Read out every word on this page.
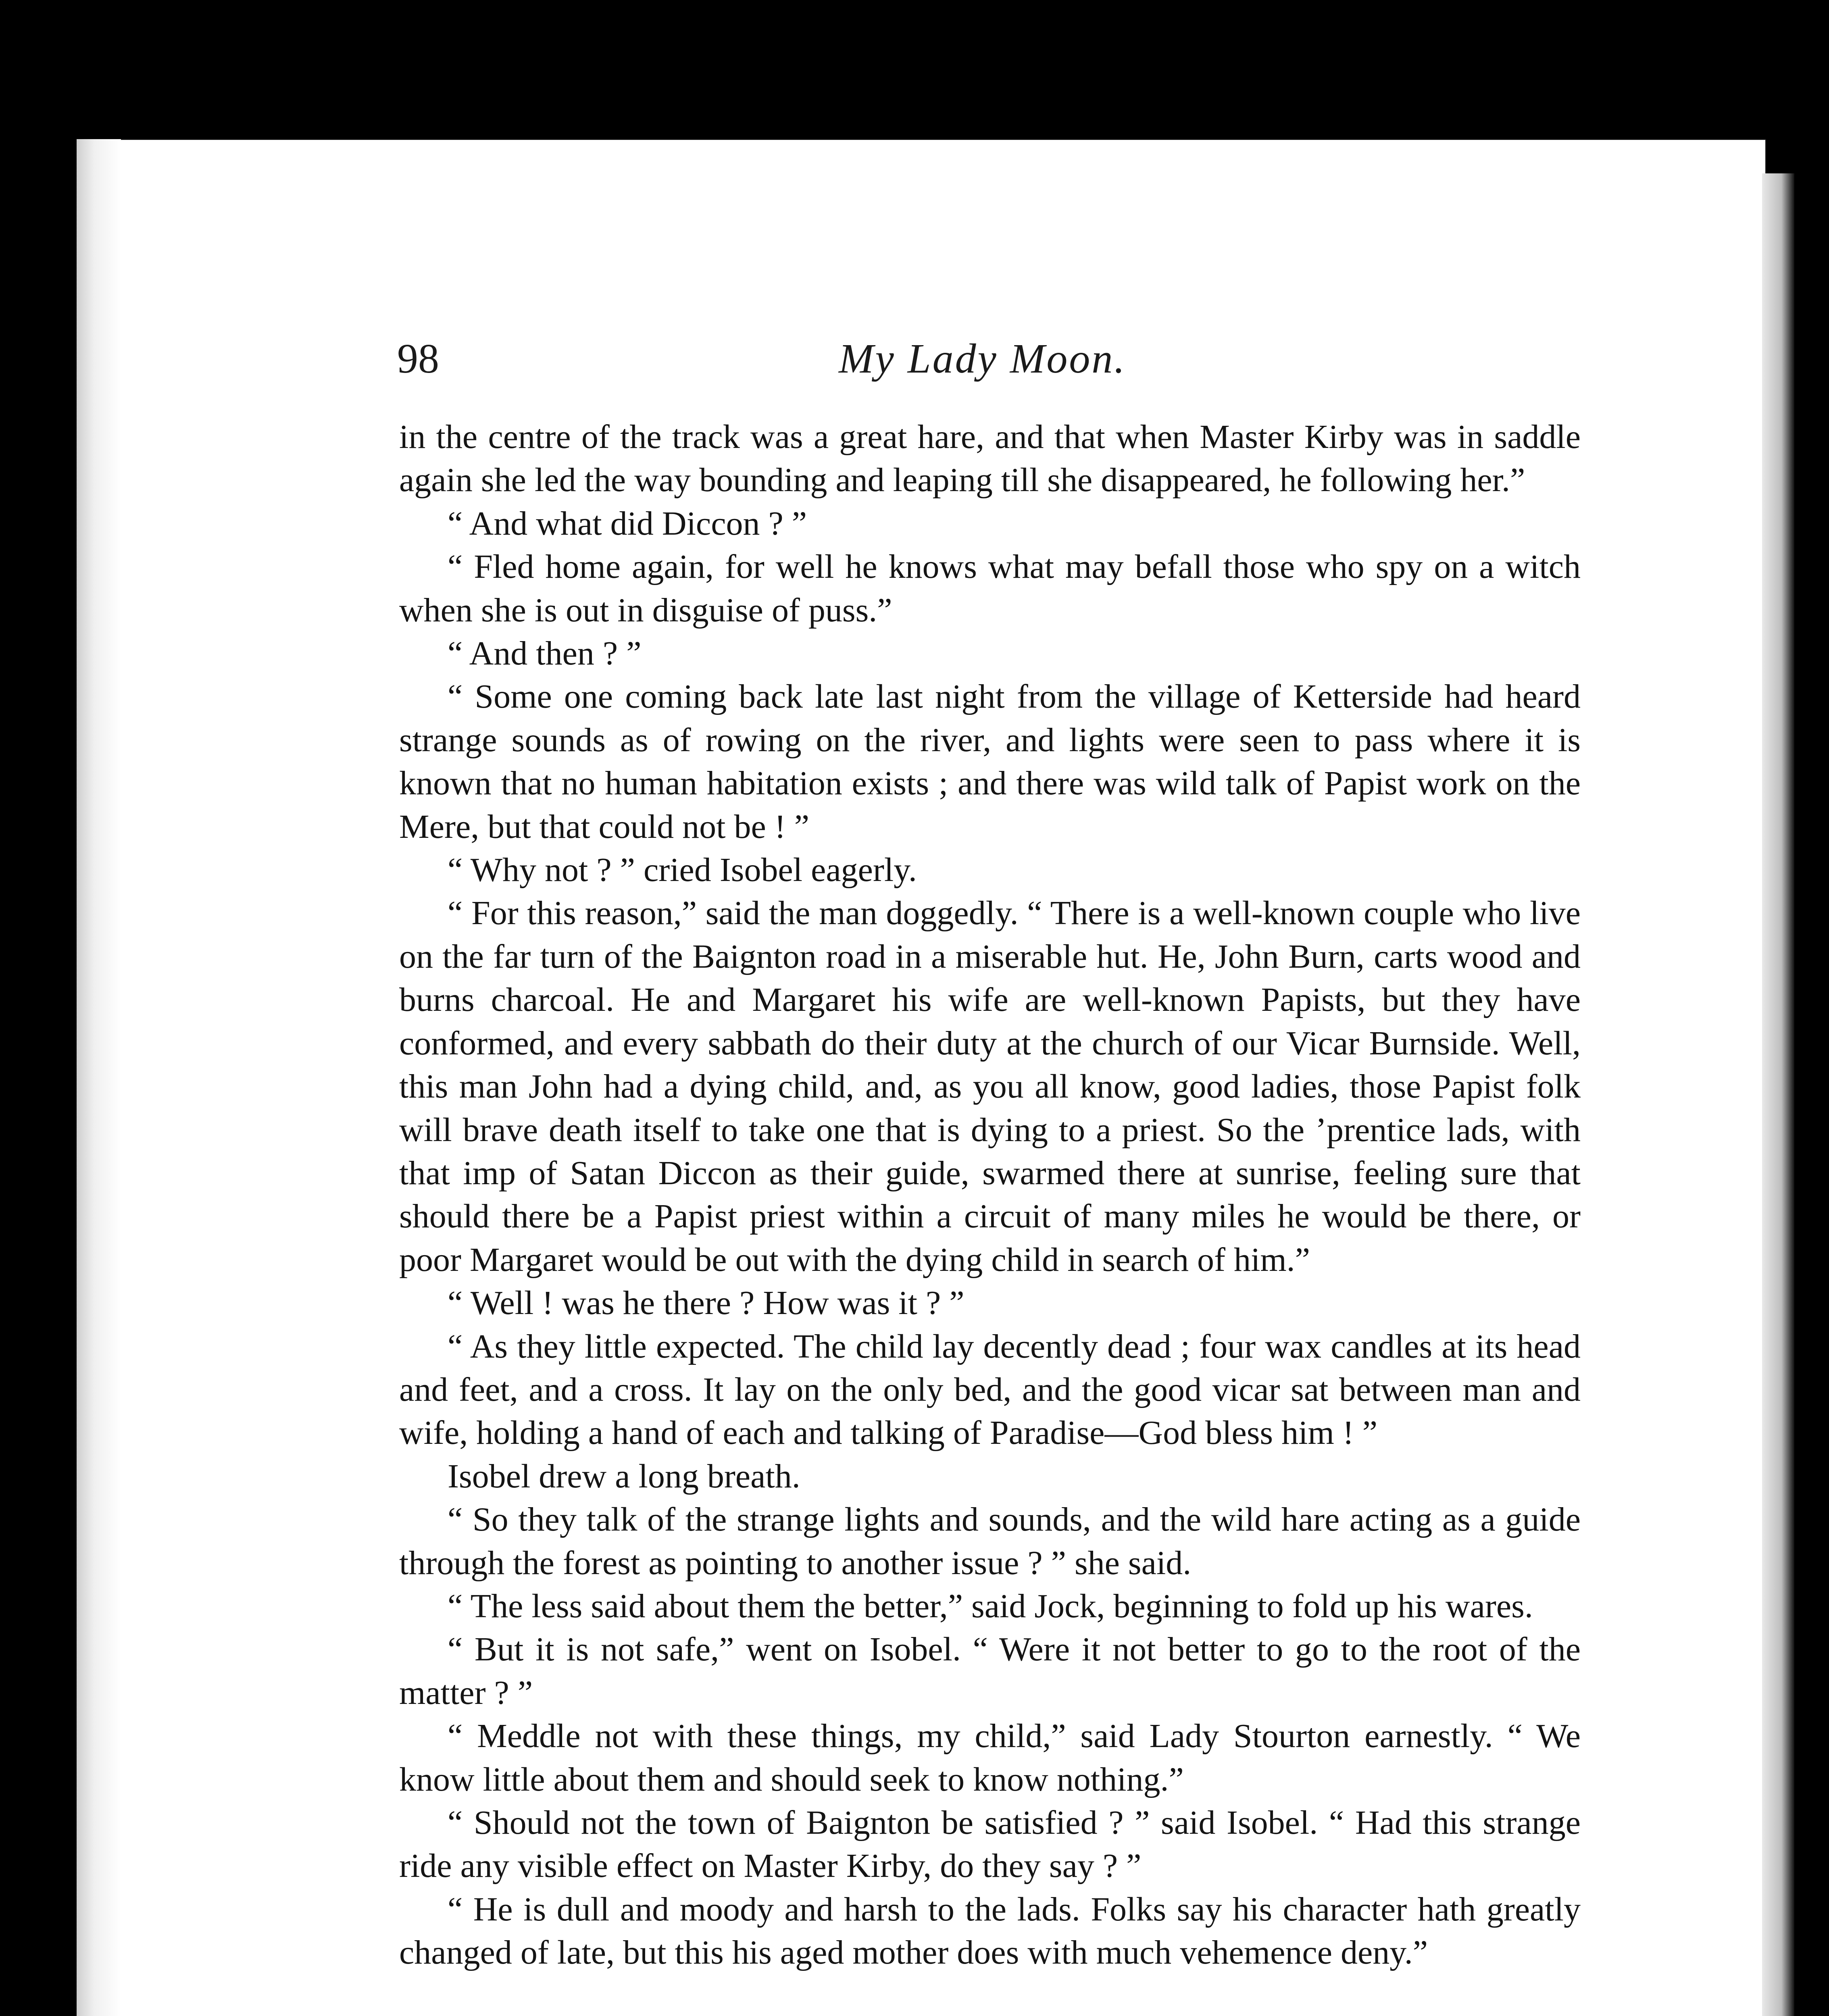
98	My Lady Moon.

in the centre of the track was a great hare, and that when Master Kirby was in saddle again she led the way bounding and leaping till she disappeared, he following her.”

“ And what did Diccon ? ”

“ Fled home again, for well he knows what may befall those who spy on a witch when she is out in disguise of puss.”

“ And then ? ”

“ Some one coming back late last night from the village of Ketterside had heard strange sounds as of rowing on the river, and lights were seen to pass where it is known that no human habitation exists ; and there was wild talk of Papist work on the Mere, but that could not be ! ”

“ Why not ? ” cried Isobel eagerly.

“ For this reason,” said the man doggedly. “ There is a well-known couple who live on the far turn of the Baignton road in a miserable hut. He, John Burn, carts wood and burns charcoal. He and Margaret his wife are well-known Papists, but they have conformed, and every sabbath do their duty at the church of our Vicar Burnside. Well, this man John had a dying child, and, as you all know, good ladies, those Papist folk will brave death itself to take one that is dying to a priest. So the ’prentice lads, with that imp of Satan Diccon as their guide, swarmed there at sunrise, feeling sure that should there be a Papist priest within a circuit of many miles he would be there, or poor Margaret would be out with the dying child in search of him.”

“ Well ! was he there ? How was it ? ”

“ As they little expected. The child lay decently dead ; four wax candles at its head and feet, and a cross. It lay on the only bed, and the good vicar sat between man and wife, holding a hand of each and talking of Paradise—God bless him ! ”

Isobel drew a long breath.

“ So they talk of the strange lights and sounds, and the wild hare acting as a guide through the forest as pointing to another issue ? ” she said.

“ The less said about them the better,” said Jock, beginning to fold up his wares.

“ But it is not safe,” went on Isobel. “ Were it not better to go to the root of the matter ? ”

“ Meddle not with these things, my child,” said Lady Stourton earnestly. “ We know little about them and should seek to know nothing.”

“ Should not the town of Baignton be satisfied ? ” said Isobel. “ Had this strange ride any visible effect on Master Kirby, do they say ? ”

“ He is dull and moody and harsh to the lads. Folks say his character hath greatly changed of late, but this his aged mother does with much vehemence deny.”
